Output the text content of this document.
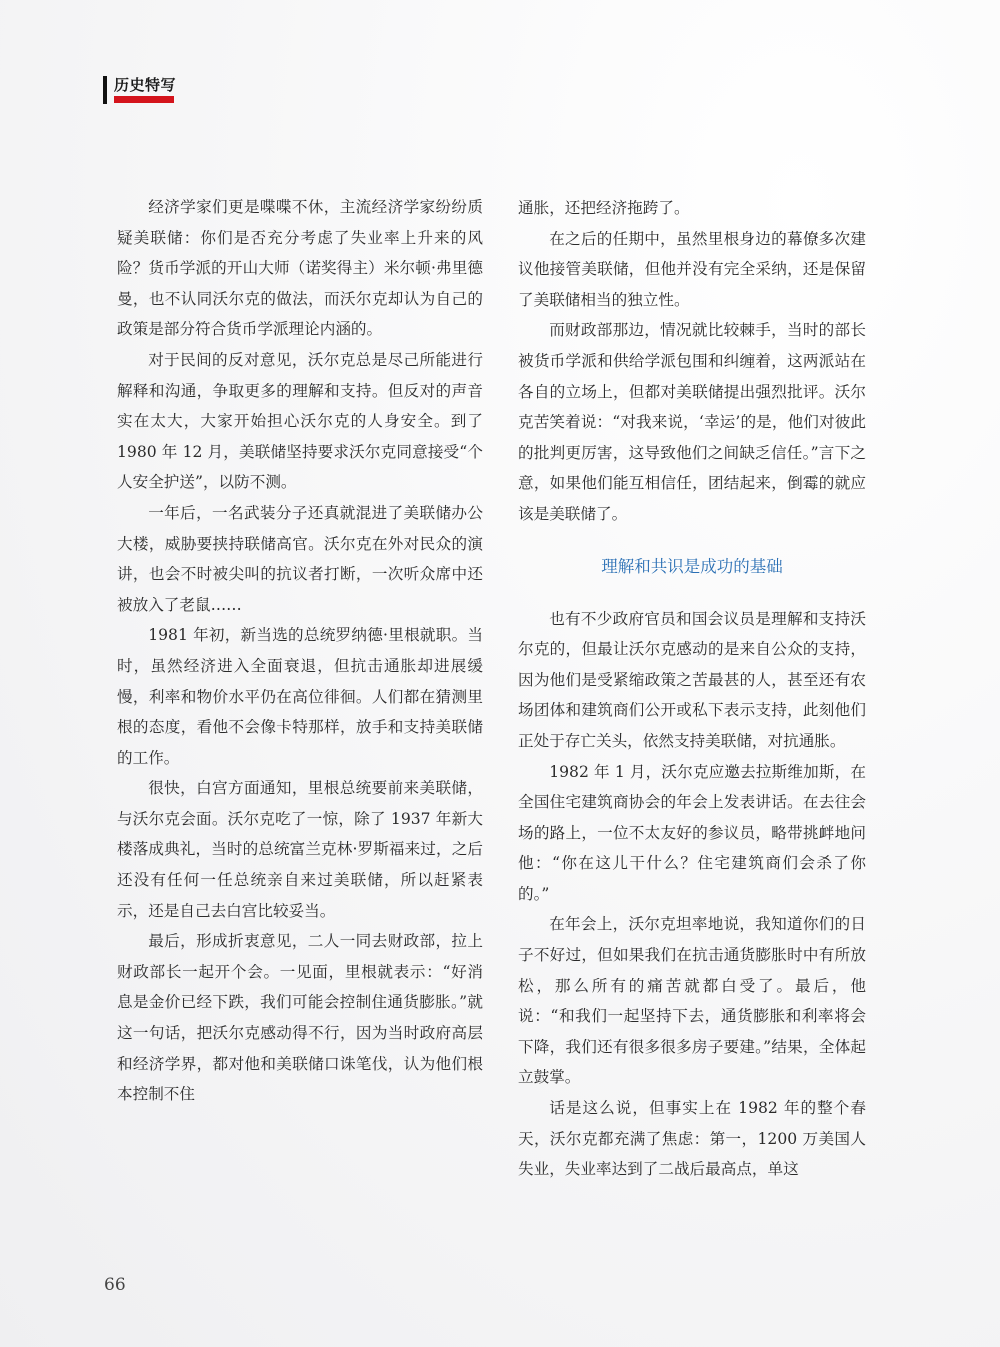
历史特写

经济学家们更是喋喋不休，主流经济学家纷纷质疑美联储：你们是否充分考虑了失业率上升来的风险？货币学派的开山大师（诺奖得主）米尔顿·弗里德曼，也不认同沃尔克的做法，而沃尔克却认为自己的政策是部分符合货币学派理论内涵的。

对于民间的反对意见，沃尔克总是尽己所能进行解释和沟通，争取更多的理解和支持。但反对的声音实在太大，大家开始担心沃尔克的人身安全。到了 1980 年 12 月，美联储坚持要求沃尔克同意接受“个人安全护送”，以防不测。

一年后，一名武装分子还真就混进了美联储办公大楼，威胁要挟持联储高官。沃尔克在外对民众的演讲，也会不时被尖叫的抗议者打断，一次听众席中还被放入了老鼠……

1981 年初，新当选的总统罗纳德·里根就职。当时，虽然经济进入全面衰退，但抗击通胀却进展缓慢，利率和物价水平仍在高位徘徊。人们都在猜测里根的态度，看他不会像卡特那样，放手和支持美联储的工作。

很快，白宫方面通知，里根总统要前来美联储，与沃尔克会面。沃尔克吃了一惊，除了 1937 年新大楼落成典礼，当时的总统富兰克林·罗斯福来过，之后还没有任何一任总统亲自来过美联储，所以赶紧表示，还是自己去白宫比较妥当。

最后，形成折衷意见，二人一同去财政部，拉上财政部长一起开个会。一见面，里根就表示：“好消息是金价已经下跌，我们可能会控制住通货膨胀。”就这一句话，把沃尔克感动得不行，因为当时政府高层和经济学界，都对他和美联储口诛笔伐，认为他们根本控制不住

通胀，还把经济拖跨了。

在之后的任期中，虽然里根身边的幕僚多次建议他接管美联储，但他并没有完全采纳，还是保留了美联储相当的独立性。

而财政部那边，情况就比较棘手，当时的部长被货币学派和供给学派包围和纠缠着，这两派站在各自的立场上，但都对美联储提出强烈批评。沃尔克苦笑着说：“对我来说，‘幸运’的是，他们对彼此的批判更厉害，这导致他们之间缺乏信任。”言下之意，如果他们能互相信任，团结起来，倒霉的就应该是美联储了。

理解和共识是成功的基础

也有不少政府官员和国会议员是理解和支持沃尔克的，但最让沃尔克感动的是来自公众的支持，因为他们是受紧缩政策之苦最甚的人，甚至还有农场团体和建筑商们公开或私下表示支持，此刻他们正处于存亡关头，依然支持美联储，对抗通胀。

1982 年 1 月，沃尔克应邀去拉斯维加斯，在全国住宅建筑商协会的年会上发表讲话。在去往会场的路上，一位不太友好的参议员，略带挑衅地问他：“你在这儿干什么？住宅建筑商们会杀了你的。”

在年会上，沃尔克坦率地说，我知道你们的日子不好过，但如果我们在抗击通货膨胀时中有所放松，那么所有的痛苦就都白受了。最后，他说：“和我们一起坚持下去，通货膨胀和利率将会下降，我们还有很多很多房子要建。”结果，全体起立鼓掌。

话是这么说，但事实上在 1982 年的整个春天，沃尔克都充满了焦虑：第一，1200 万美国人失业，失业率达到了二战后最高点，单这

66
